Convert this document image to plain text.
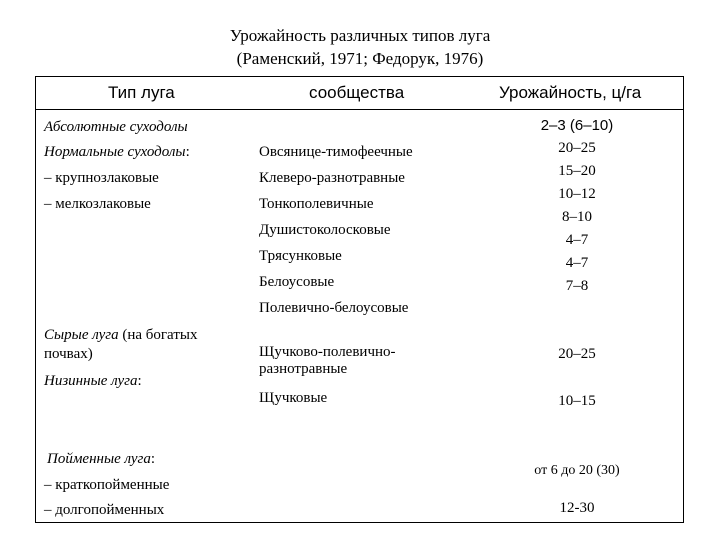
Урожайность различных типов луга
(Раменский, 1971; Федорук, 1976)
Тип луга	сообщества	Урожайность, ц/га
Абсолютные суходолы
Нормальные суходолы:
– крупнозлаковые
– мелкозлаковые
Сырые луга (на богатых
почвах)
Низинные луга:
Пойменные луга:
– краткопойменные
– долгопойменных
Овсянице-тимофеечные
Клеверо-разнотравные
Тонкополевичные
Душистоколосковые
Трясунковые
Белоусовые
Полевично-белоусовые
Щучково-полевично-
разнотравные
Щучковые
2–3 (6–10)
20–25
15–20
10–12
8–10
4–7
4–7
7–8
20–25
10–15
от 6 до 20 (30)
12-30
